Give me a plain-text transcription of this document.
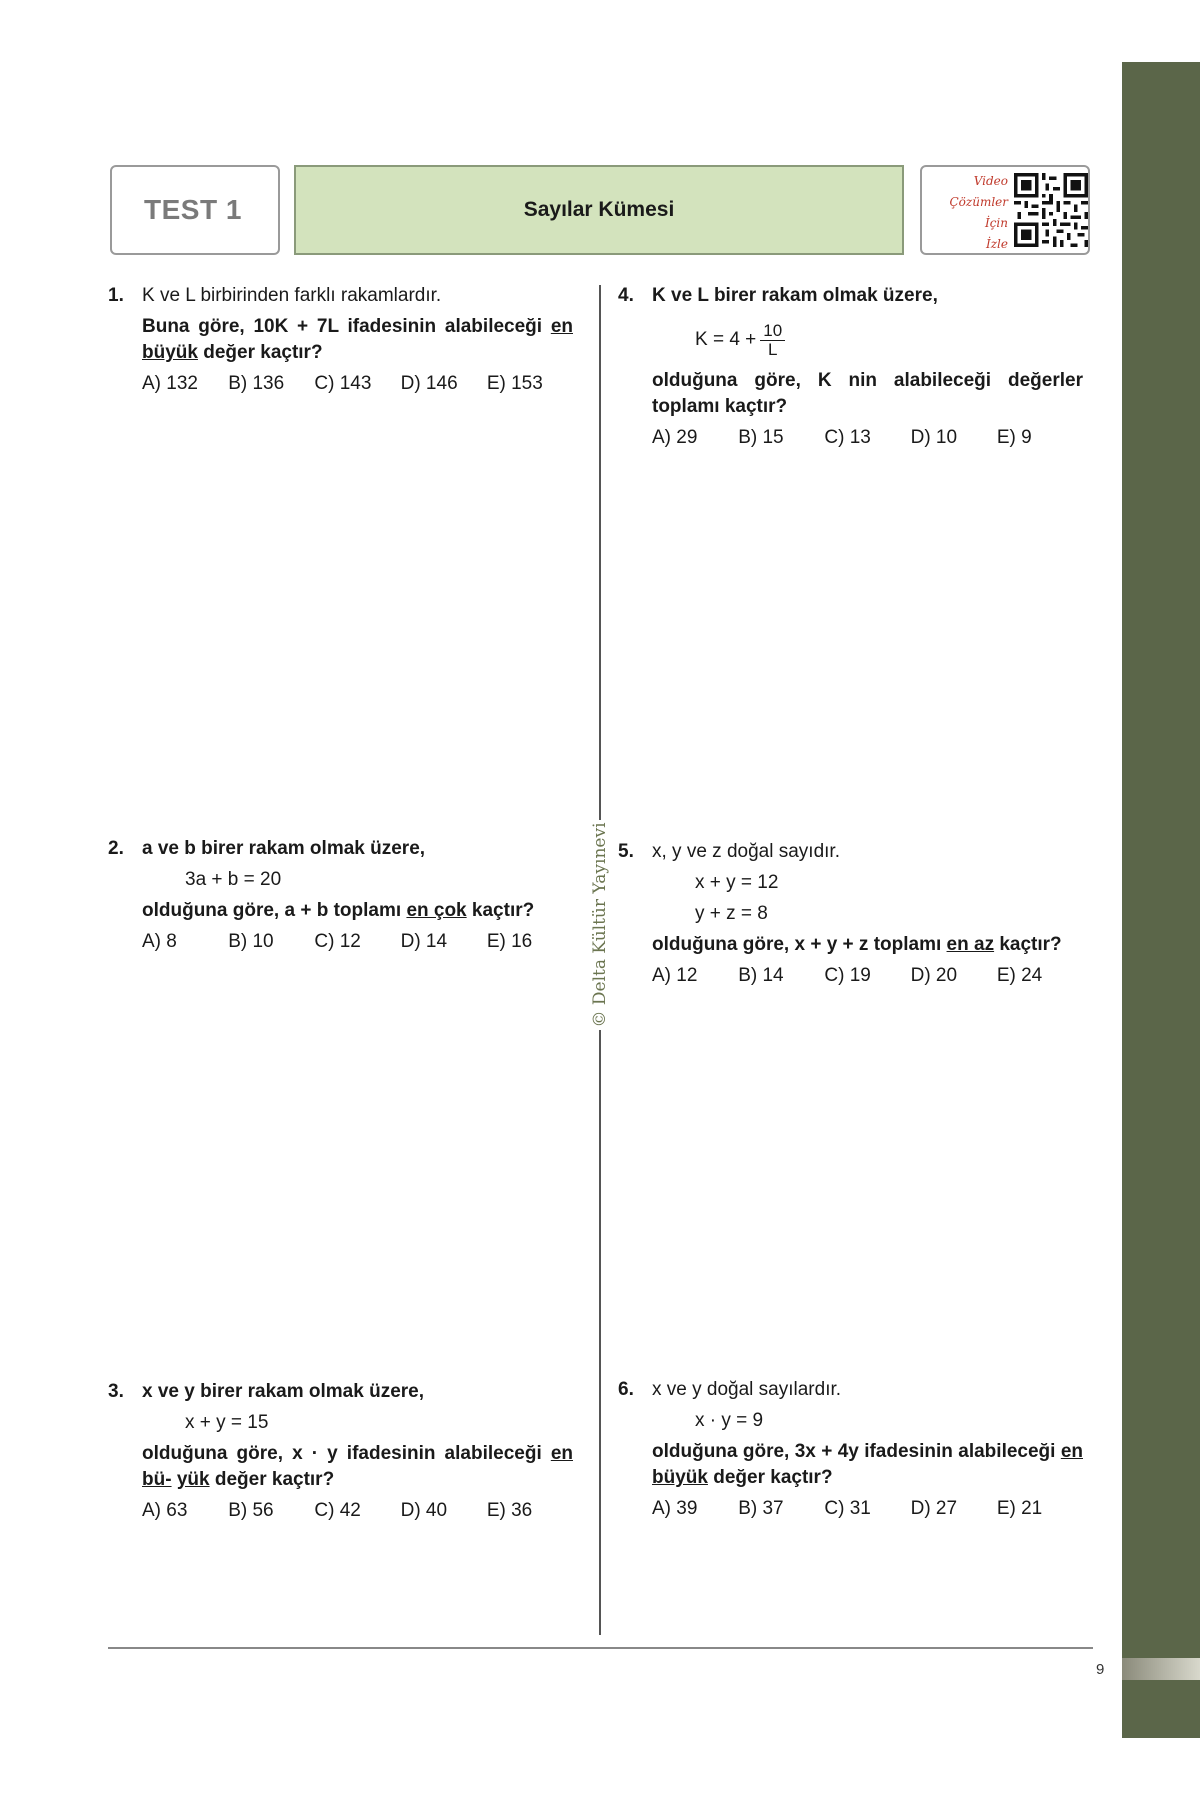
TEST 1	Sayılar Kümesi
Video
Çözümler
İçin
İzle
© Delta Kültür Yayınevi
1. K ve L birbirinden farklı rakamlardır.

Buna göre, 10K + 7L ifadesinin alabileceği en büyük değer kaçtır?

A) 132	B) 136	C) 143	D) 146	E) 153
2. a ve b birer rakam olmak üzere,

3a + b = 20

olduğuna göre, a + b toplamı en çok kaçtır?

A) 8	B) 10	C) 12	D) 14	E) 16
3. x ve y birer rakam olmak üzere,

x + y = 15

olduğuna göre, x · y ifadesinin alabileceği en bü- yük değer kaçtır?

A) 63	B) 56	C) 42	D) 40	E) 36
4. K ve L birer rakam olmak üzere,

$K = 4 + \frac{10}{L}$

olduğuna göre, K nin alabileceği değerler toplamı kaçtır?

A) 29	B) 15	C) 13	D) 10	E) 9
5. x, y ve z doğal sayıdır.

x + y = 12
y + z = 8

olduğuna göre, x + y + z toplamı en az kaçtır?

A) 12	B) 14	C) 19	D) 20	E) 24
6. x ve y doğal sayılardır.

x · y = 9

olduğuna göre, 3x + 4y ifadesinin alabileceği en büyük değer kaçtır?

A) 39	B) 37	C) 31	D) 27	E) 21
9
